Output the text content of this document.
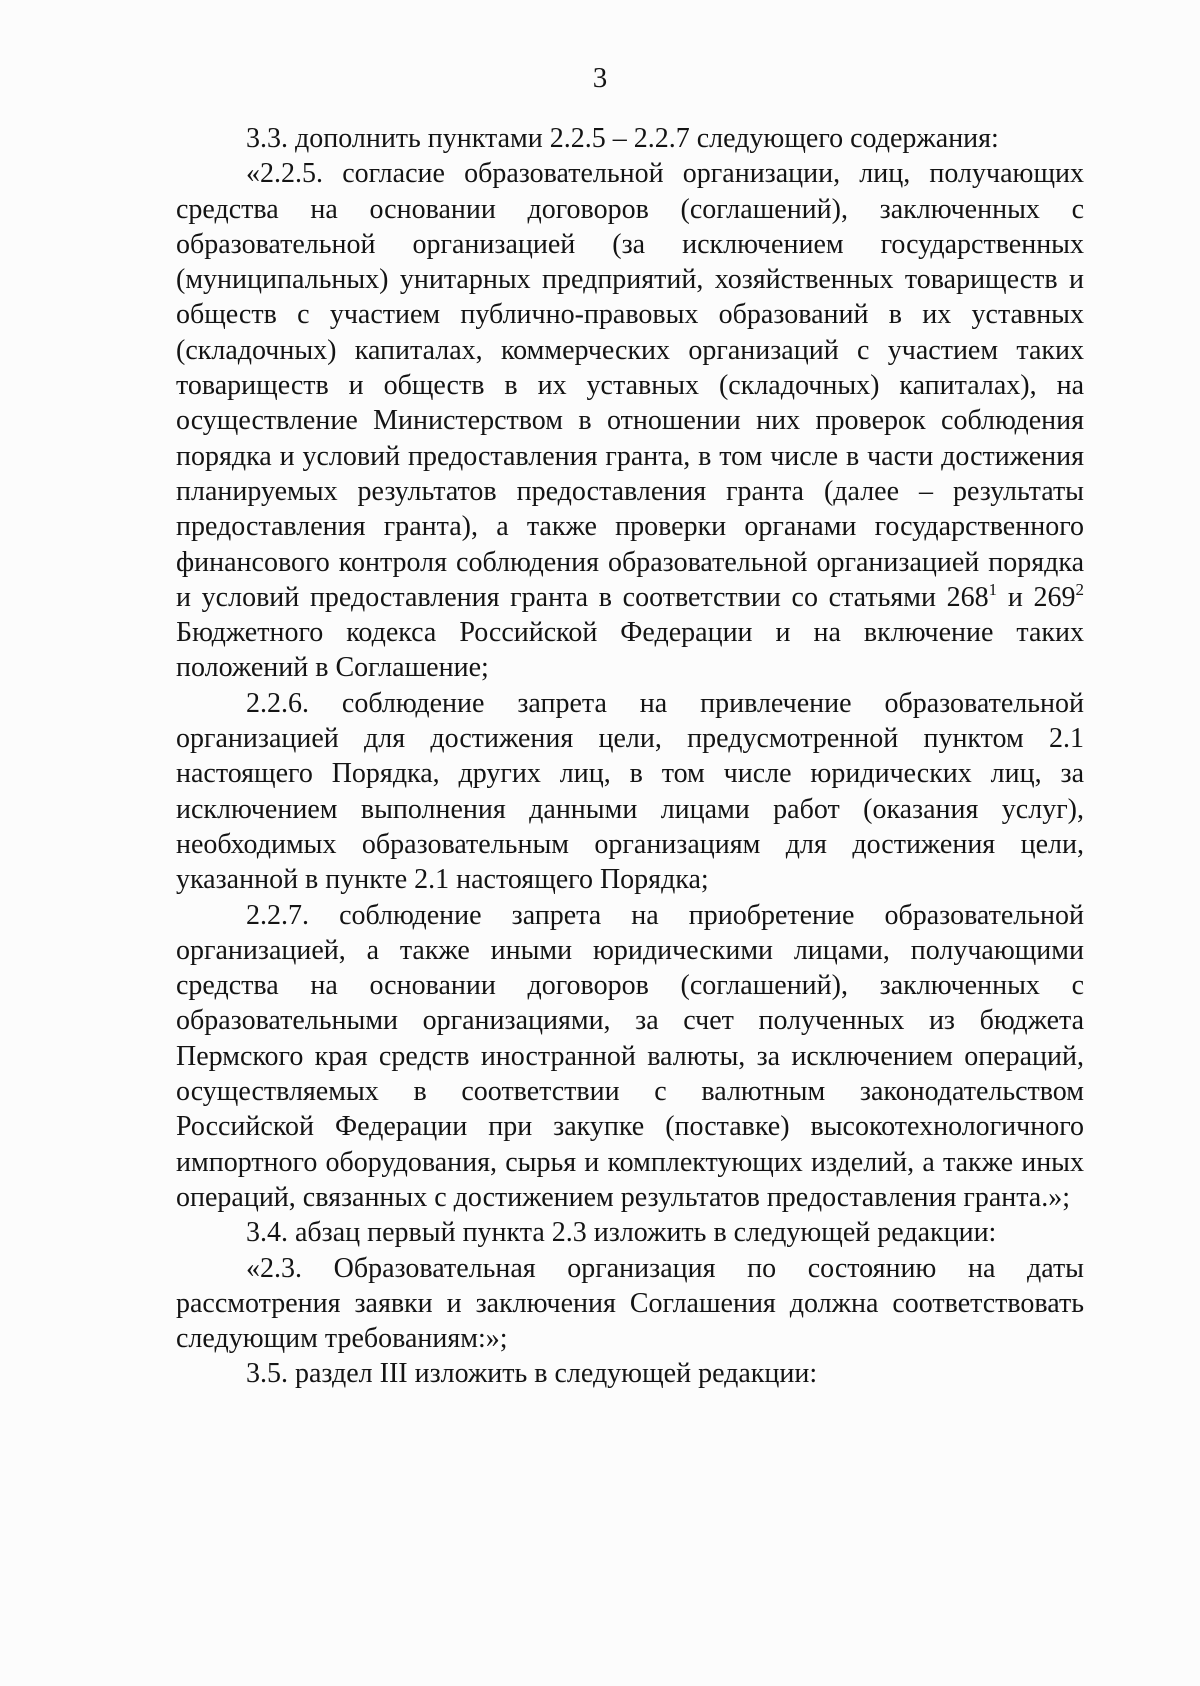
3

3.3. дополнить пунктами 2.2.5 – 2.2.7 следующего содержания:

«2.2.5. согласие образовательной организации, лиц, получающих средства на основании договоров (соглашений), заключенных с образовательной организацией (за исключением государственных (муниципальных) унитарных предприятий, хозяйственных товариществ и обществ с участием публично-правовых образований в их уставных (складочных) капиталах, коммерческих организаций с участием таких товариществ и обществ в их уставных (складочных) капиталах), на осуществление Министерством в отношении них проверок соблюдения порядка и условий предоставления гранта, в том числе в части достижения планируемых результатов предоставления гранта (далее – результаты предоставления гранта), а также проверки органами государственного финансового контроля соблюдения образовательной организацией порядка и условий предоставления гранта в соответствии со статьями $268^1$ и $269^2$ Бюджетного кодекса Российской Федерации и на включение таких положений в Соглашение;

2.2.6. соблюдение запрета на привлечение образовательной организацией для достижения цели, предусмотренной пунктом 2.1 настоящего Порядка, других лиц, в том числе юридических лиц, за исключением выполнения данными лицами работ (оказания услуг), необходимых образовательным организациям для достижения цели, указанной в пункте 2.1 настоящего Порядка;

2.2.7. соблюдение запрета на приобретение образовательной организацией, а также иными юридическими лицами, получающими средства на основании договоров (соглашений), заключенных с образовательными организациями, за счет полученных из бюджета Пермского края средств иностранной валюты, за исключением операций, осуществляемых в соответствии с валютным законодательством Российской Федерации при закупке (поставке) высокотехнологичного импортного оборудования, сырья и комплектующих изделий, а также иных операций, связанных с достижением результатов предоставления гранта.»;

3.4. абзац первый пункта 2.3 изложить в следующей редакции:

«2.3. Образовательная организация по состоянию на даты рассмотрения заявки и заключения Соглашения должна соответствовать следующим требованиям:»;

3.5. раздел III изложить в следующей редакции:
